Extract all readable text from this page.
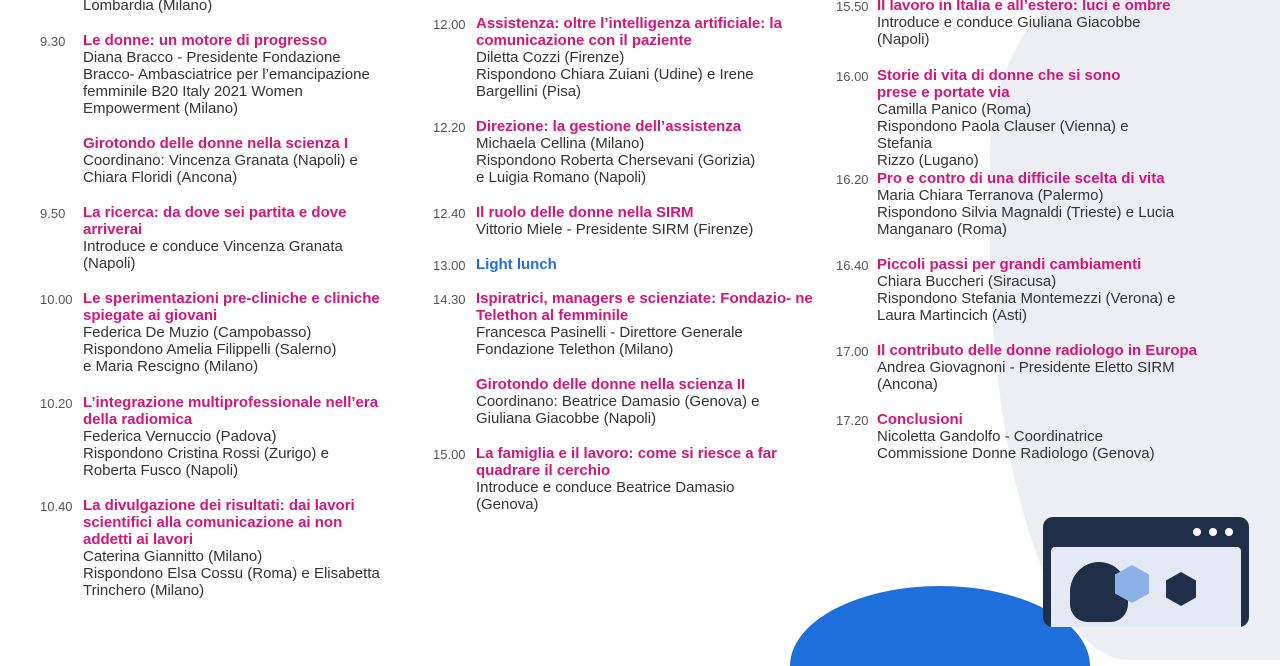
Lombardia (Milano)
9.30 Le donne: un motore di progresso
Diana Bracco - Presidente Fondazione
Bracco- Ambasciatrice per l’emancipazione
femminile B20 Italy 2021 Women
Empowerment (Milano)
Girotondo delle donne nella scienza I
Coordinano: Vincenza Granata (Napoli) e
Chiara Floridi (Ancona)
9.50 La ricerca: da dove sei partita e dove arriverai
Introduce e conduce Vincenza Granata
(Napoli)
10.00 Le sperimentazioni pre-cliniche e cliniche spiegate ai giovani
Federica De Muzio (Campobasso)
Rispondono Amelia Filippelli (Salerno)
e Maria Rescigno (Milano)
10.20 L’integrazione multiprofessionale nell’era della radiomica
Federica Vernuccio (Padova)
Rispondono Cristina Rossi (Zurigo) e
Roberta Fusco (Napoli)
10.40 La divulgazione dei risultati: dai lavori scientifici alla comunicazione ai non addetti ai lavori
Caterina Giannitto (Milano)
Rispondono Elsa Cossu (Roma) e Elisabetta
Trinchero (Milano)
12.00 Assistenza: oltre l’intelligenza artificiale: la comunicazione con il paziente
Diletta Cozzi (Firenze)
Rispondono Chiara Zuiani (Udine) e Irene
Bargellini (Pisa)
12.20 Direzione: la gestione dell’assistenza
Michaela Cellina (Milano)
Rispondono Roberta Chersevani (Gorizia)
e Luigia Romano (Napoli)
12.40 Il ruolo delle donne nella SIRM
Vittorio Miele - Presidente SIRM (Firenze)
13.00 Light lunch
14.30 Ispiratrici, managers e scienziate: Fondazio- ne Telethon al femminile
Francesca Pasinelli - Direttore Generale
Fondazione Telethon (Milano)
Girotondo delle donne nella scienza II
Coordinano: Beatrice Damasio (Genova) e
Giuliana Giacobbe (Napoli)
15.00 La famiglia e il lavoro: come si riesce a far quadrare il cerchio
Introduce e conduce Beatrice Damasio
(Genova)
15.50 Il lavoro in Italia e all’estero: luci e ombre
Introduce e conduce Giuliana Giacobbe
(Napoli)
16.00 Storie di vita di donne che si sono prese e portate via
Camilla Panico (Roma)
Rispondono Paola Clauser (Vienna) e Stefania
Rizzo (Lugano)
16.20 Pro e contro di una difficile scelta di vita
Maria Chiara Terranova (Palermo)
Rispondono Silvia Magnaldi (Trieste) e Lucia
Manganaro (Roma)
16.40 Piccoli passi per grandi cambiamenti
Chiara Buccheri (Siracusa)
Rispondono Stefania Montemezzi (Verona) e
Laura Martincich (Asti)
17.00 Il contributo delle donne radiologo in Europa
Andrea Giovagnoni - Presidente Eletto SIRM
(Ancona)
17.20 Conclusioni
Nicoletta Gandolfo - Coordinatrice
Commissione Donne Radiologo (Genova)
